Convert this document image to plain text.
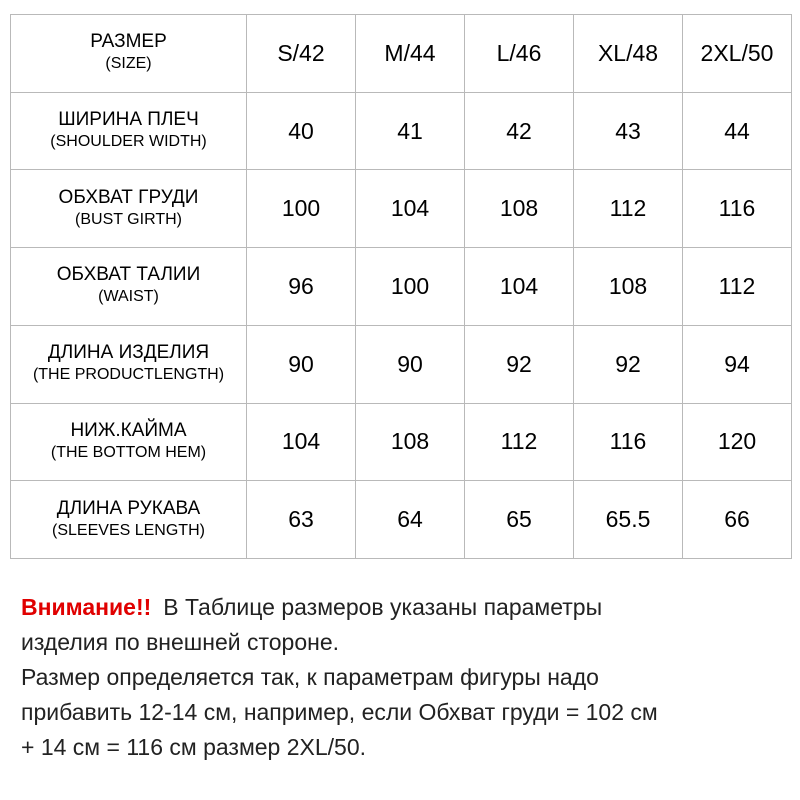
РАЗМЕР
(SIZE)	S/42	M/44	L/46	XL/48	2XL/50

ШИРИНА ПЛЕЧ
(SHOULDER WIDTH)	40	41	42	43	44

ОБХВАТ ГРУДИ
(BUST GIRTH)	100	104	108	112	116

ОБХВАТ ТАЛИИ
(WAIST)	96	100	104	108	112

ДЛИНА ИЗДЕЛИЯ
(THE PRODUCTLENGTH)	90	90	92	92	94

НИЖ.КАЙМА
(THE BOTTOM HEM)	104	108	112	116	120

ДЛИНА РУКАВА
(SLEEVES LENGTH)	63	64	65	65.5	66

Внимание!! В Таблице размеров указаны параметры

изделия по внешней стороне.

Размер определяется так, к параметрам фигуры надо

прибавить 12-14 см, например, если Обхват груди = 102 см

+ 14 см = 116 см размер 2XL/50.
